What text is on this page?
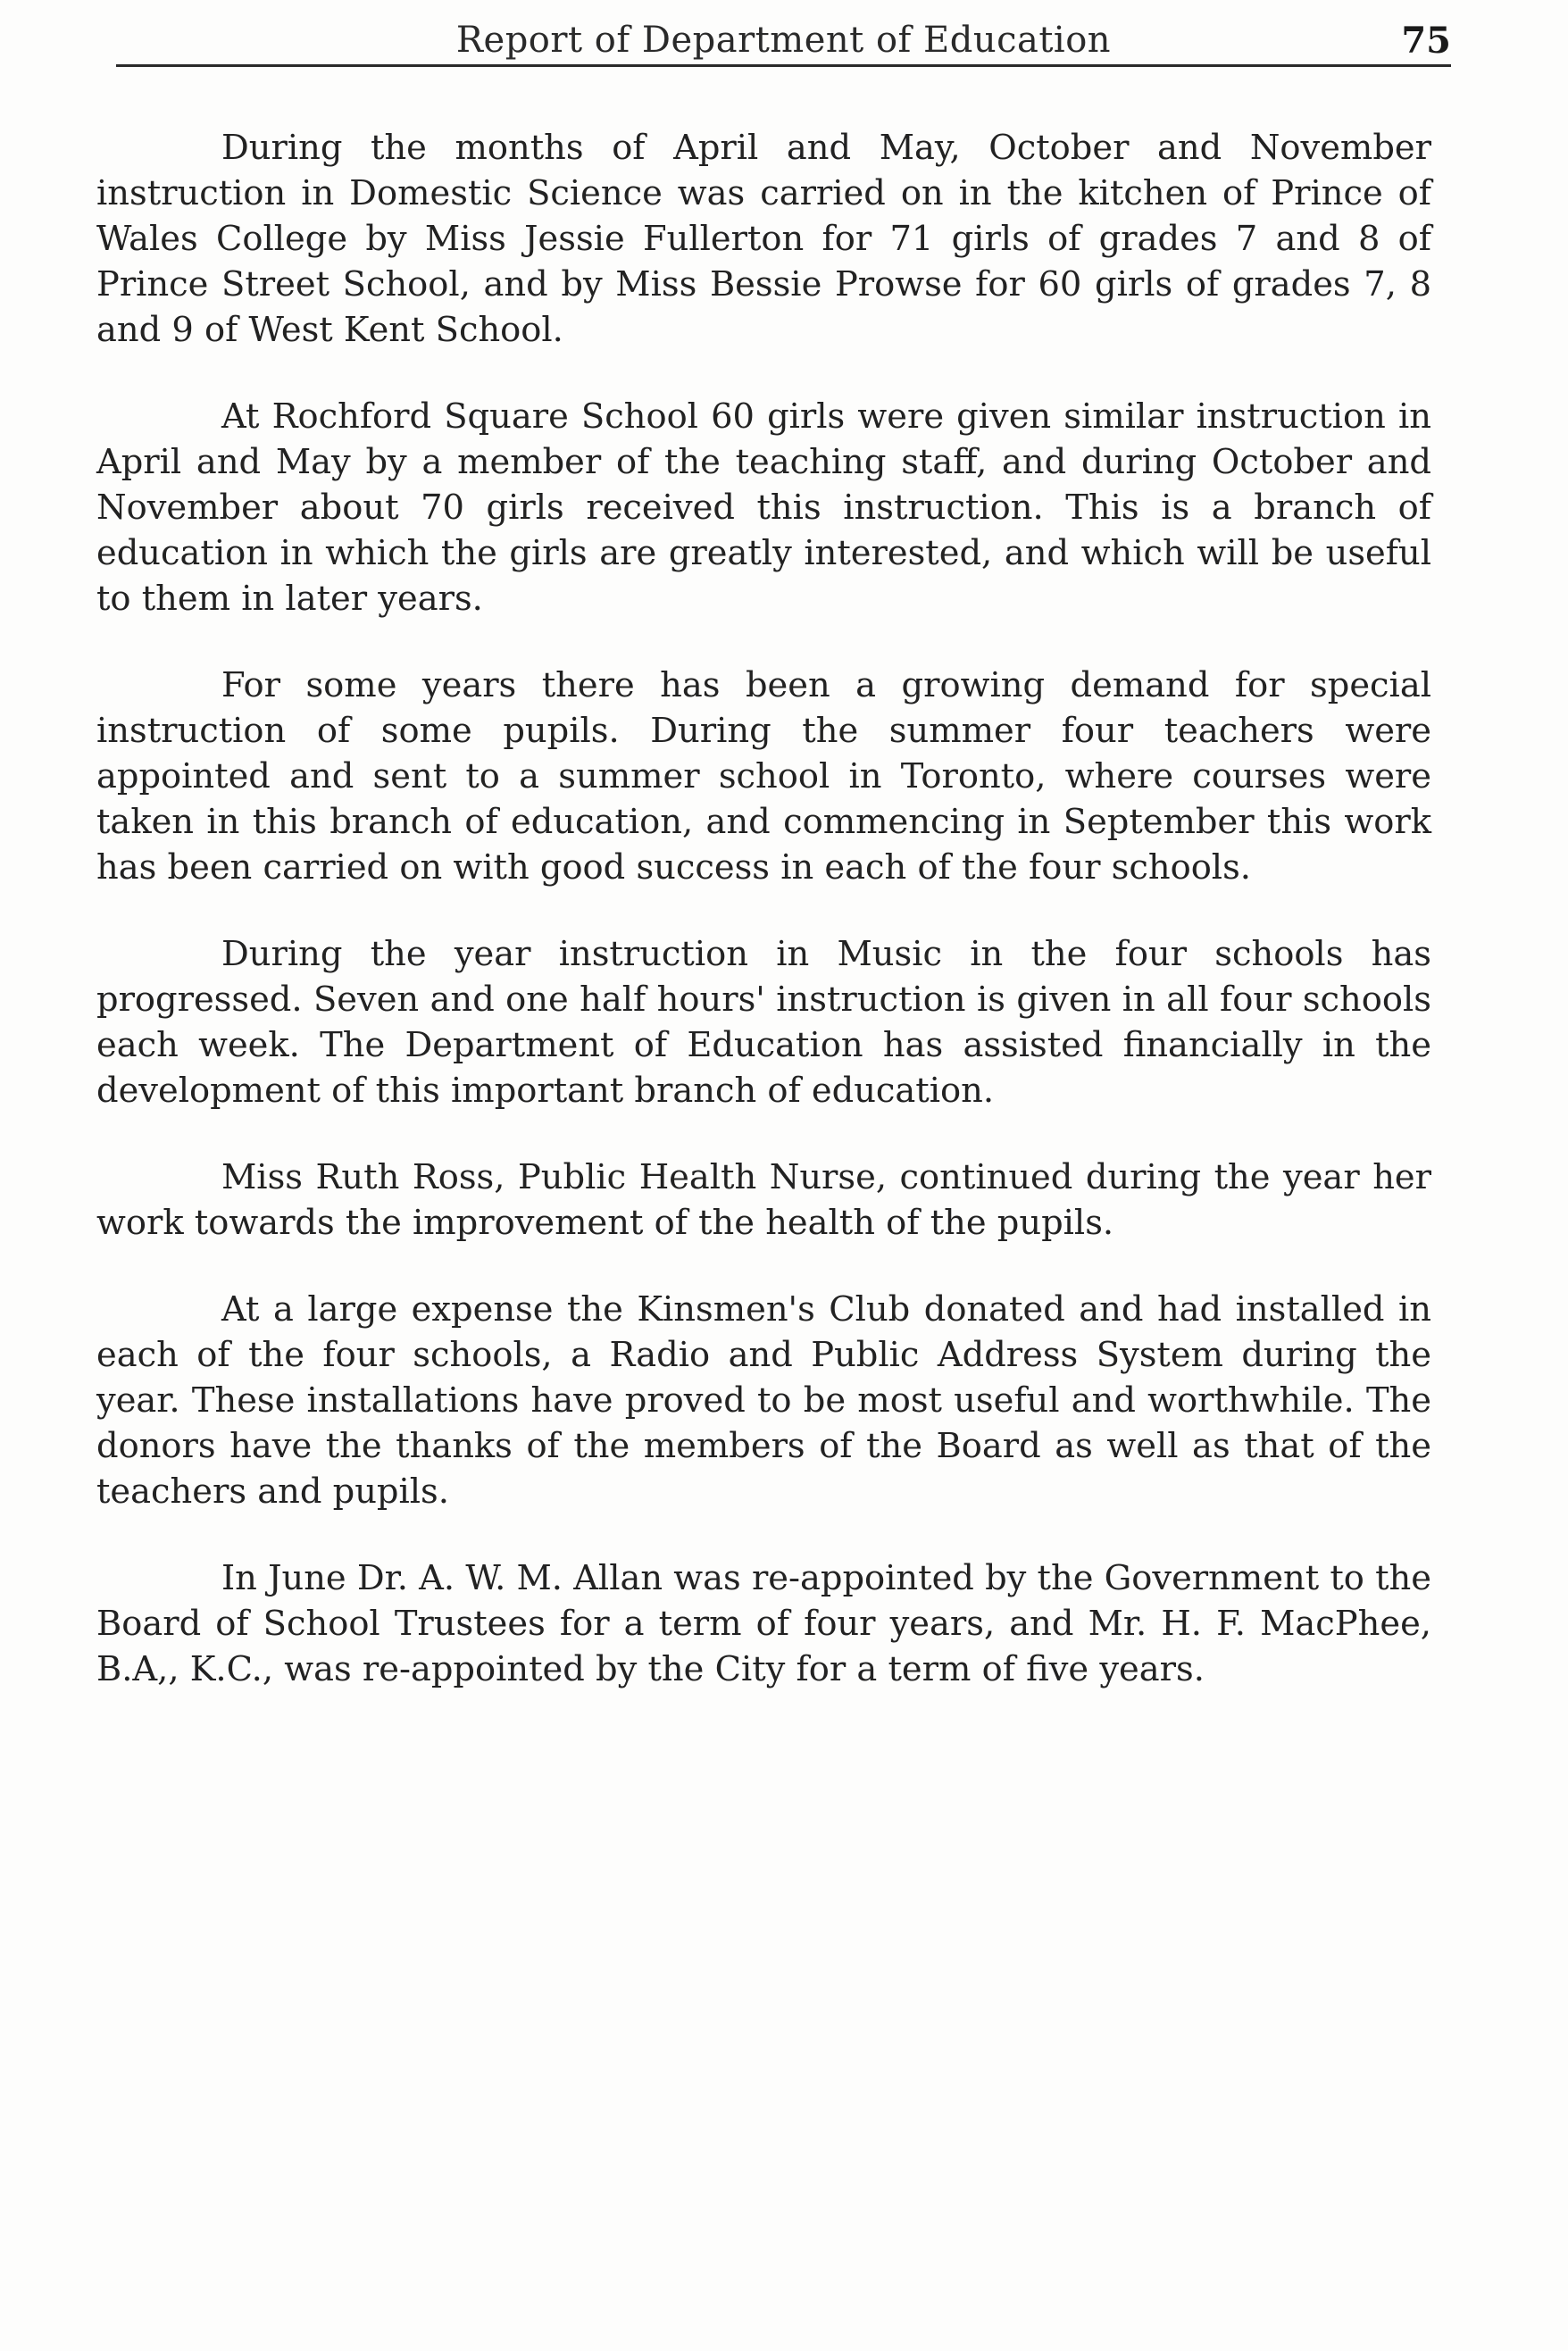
Report of Department of Education	75

During the months of April and May, October and November instruction in Domestic Science was carried on in the kitchen of Prince of Wales College by Miss Jessie Fullerton for 71 girls of grades 7 and 8 of Prince Street School, and by Miss Bessie Prowse for 60 girls of grades 7, 8 and 9 of West Kent School.

At Rochford Square School 60 girls were given similar instruction in April and May by a member of the teaching staff, and during October and November about 70 girls received this instruction. This is a branch of education in which the girls are greatly interested, and which will be useful to them in later years.

For some years there has been a growing demand for special instruction of some pupils. During the summer four teachers were appointed and sent to a summer school in Toronto, where courses were taken in this branch of education, and commencing in September this work has been carried on with good success in each of the four schools.

During the year instruction in Music in the four schools has progressed. Seven and one half hours' instruction is given in all four schools each week. The Department of Education has assisted financially in the development of this important branch of education.

Miss Ruth Ross, Public Health Nurse, continued during the year her work towards the improvement of the health of the pupils.

At a large expense the Kinsmen's Club donated and had installed in each of the four schools, a Radio and Public Address System during the year. These installations have proved to be most useful and worthwhile. The donors have the thanks of the members of the Board as well as that of the teachers and pupils.

In June Dr. A. W. M. Allan was re-appointed by the Government to the Board of School Trustees for a term of four years, and Mr. H. F. MacPhee, B.A,, K.C., was re-appointed by the City for a term of five years.
